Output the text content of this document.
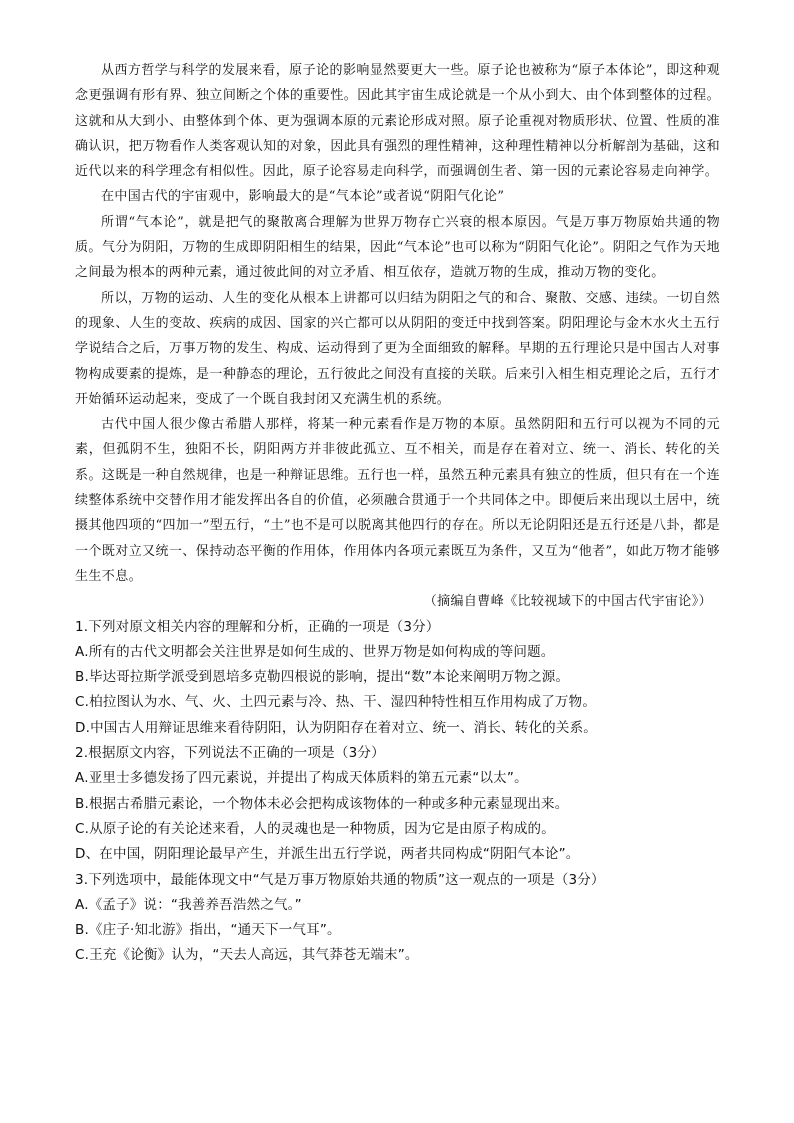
从西方哲学与科学的发展来看，原子论的影响显然要更大一些。原子论也被称为“原子本体论”，即这种观念更强调有形有界、独立间断之个体的重要性。因此其宇宙生成论就是一个从小到大、由个体到整体的过程。这就和从大到小、由整体到个体、更为强调本原的元素论形成对照。原子论重视对物质形状、位置、性质的准确认识，把万物看作人类客观认知的对象，因此具有强烈的理性精神，这种理性精神以分析解剖为基础，这和近代以来的科学理念有相似性。因此，原子论容易走向科学，而强调创生者、第一因的元素论容易走向神学。

在中国古代的宇宙观中，影响最大的是“气本论”或者说“阴阳气化论”

所谓“气本论”，就是把气的聚散离合理解为世界万物存亡兴衰的根本原因。气是万事万物原始共通的物质。气分为阴阳，万物的生成即阴阳相生的结果，因此“气本论”也可以称为“阴阳气化论”。阴阳之气作为天地之间最为根本的两种元素，通过彼此间的对立矛盾、相互依存，造就万物的生成，推动万物的变化。

所以，万物的运动、人生的变化从根本上讲都可以归结为阴阳之气的和合、聚散、交感、违续。一切自然的现象、人生的变故、疾病的成因、国家的兴亡都可以从阴阳的变迁中找到答案。阴阳理论与金木水火土五行学说结合之后，万事万物的发生、构成、运动得到了更为全面细致的解释。早期的五行理论只是中国古人对事物构成要素的提炼，是一种静态的理论，五行彼此之间没有直接的关联。后来引入相生相克理论之后，五行才开始循环运动起来，变成了一个既自我封闭又充满生机的系统。

古代中国人很少像古希腊人那样，将某一种元素看作是万物的本原。虽然阴阳和五行可以视为不同的元素，但孤阴不生，独阳不长，阴阳两方并非彼此孤立、互不相关，而是存在着对立、统一、消长、转化的关系。这既是一种自然规律，也是一种辩证思维。五行也一样，虽然五种元素具有独立的性质，但只有在一个连续整体系统中交替作用才能发挥出各自的价值，必须融合贯通于一个共同体之中。即便后来出现以土居中，统摄其他四项的“四加一”型五行，“土”也不是可以脱离其他四行的存在。所以无论阴阳还是五行还是八卦，都是一个既对立又统一、保持动态平衡的作用体，作用体内各项元素既互为条件，又互为“他者”，如此万物才能够生生不息。

（摘编自曹峰《比较视域下的中国古代宇宙论》）

1.下列对原文相关内容的理解和分析，正确的一项是（3分）

A.所有的古代文明都会关注世界是如何生成的、世界万物是如何构成的等问题。

B.毕达哥拉斯学派受到恩培多克勒四根说的影响，提出“数”本论来阐明万物之源。

C.柏拉图认为水、气、火、土四元素与冷、热、干、湿四种特性相互作用构成了万物。

D.中国古人用辩证思维来看待阴阳，认为阴阳存在着对立、统一、消长、转化的关系。

2.根据原文内容，下列说法不正确的一项是（3分）

A.亚里士多德发扬了四元素说，并提出了构成天体质料的第五元素“以太”。

B.根据古希腊元素论，一个物体未必会把构成该物体的一种或多种元素显现出来。

C.从原子论的有关论述来看，人的灵魂也是一种物质，因为它是由原子构成的。

D、在中国，阴阳理论最早产生，并派生出五行学说，两者共同构成“阴阳气本论”。

3.下列选项中，最能体现文中“气是万事万物原始共通的物质”这一观点的一项是（3分）

A.《孟子》说：“我善养吾浩然之气。”

B.《庄子·知北游》指出，“通天下一气耳”。

C.王充《论衡》认为，“天去人高远，其气莽苍无端末”。
